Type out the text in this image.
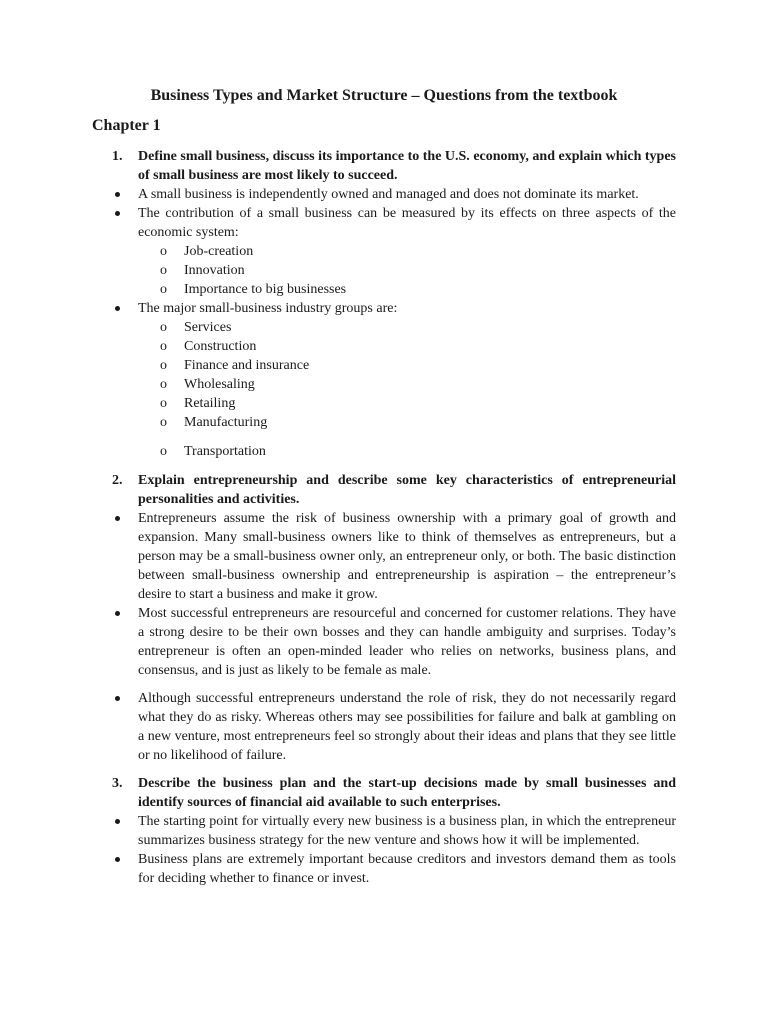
Business Types and Market Structure – Questions from the textbook
Chapter 1
1.	Define small business, discuss its importance to the U.S. economy, and explain which types of small business are most likely to succeed.
A small business is independently owned and managed and does not dominate its market.
The contribution of a small business can be measured by its effects on three aspects of the economic system:
o Job-creation
o Innovation
o Importance to big businesses
The major small-business industry groups are:
o Services
o Construction
o Finance and insurance
o Wholesaling
o Retailing
o Manufacturing
o Transportation
2.	Explain entrepreneurship and describe some key characteristics of entrepreneurial personalities and activities.
Entrepreneurs assume the risk of business ownership with a primary goal of growth and expansion. Many small-business owners like to think of themselves as entrepreneurs, but a person may be a small-business owner only, an entrepreneur only, or both. The basic distinction between small-business ownership and entrepreneurship is aspiration – the entrepreneur’s desire to start a business and make it grow.
Most successful entrepreneurs are resourceful and concerned for customer relations. They have a strong desire to be their own bosses and they can handle ambiguity and surprises. Today’s entrepreneur is often an open-minded leader who relies on networks, business plans, and consensus, and is just as likely to be female as male.
Although successful entrepreneurs understand the role of risk, they do not necessarily regard what they do as risky. Whereas others may see possibilities for failure and balk at gambling on a new venture, most entrepreneurs feel so strongly about their ideas and plans that they see little or no likelihood of failure.
3.	Describe the business plan and the start-up decisions made by small businesses and identify sources of financial aid available to such enterprises.
The starting point for virtually every new business is a business plan, in which the entrepreneur summarizes business strategy for the new venture and shows how it will be implemented.
Business plans are extremely important because creditors and investors demand them as tools for deciding whether to finance or invest.
